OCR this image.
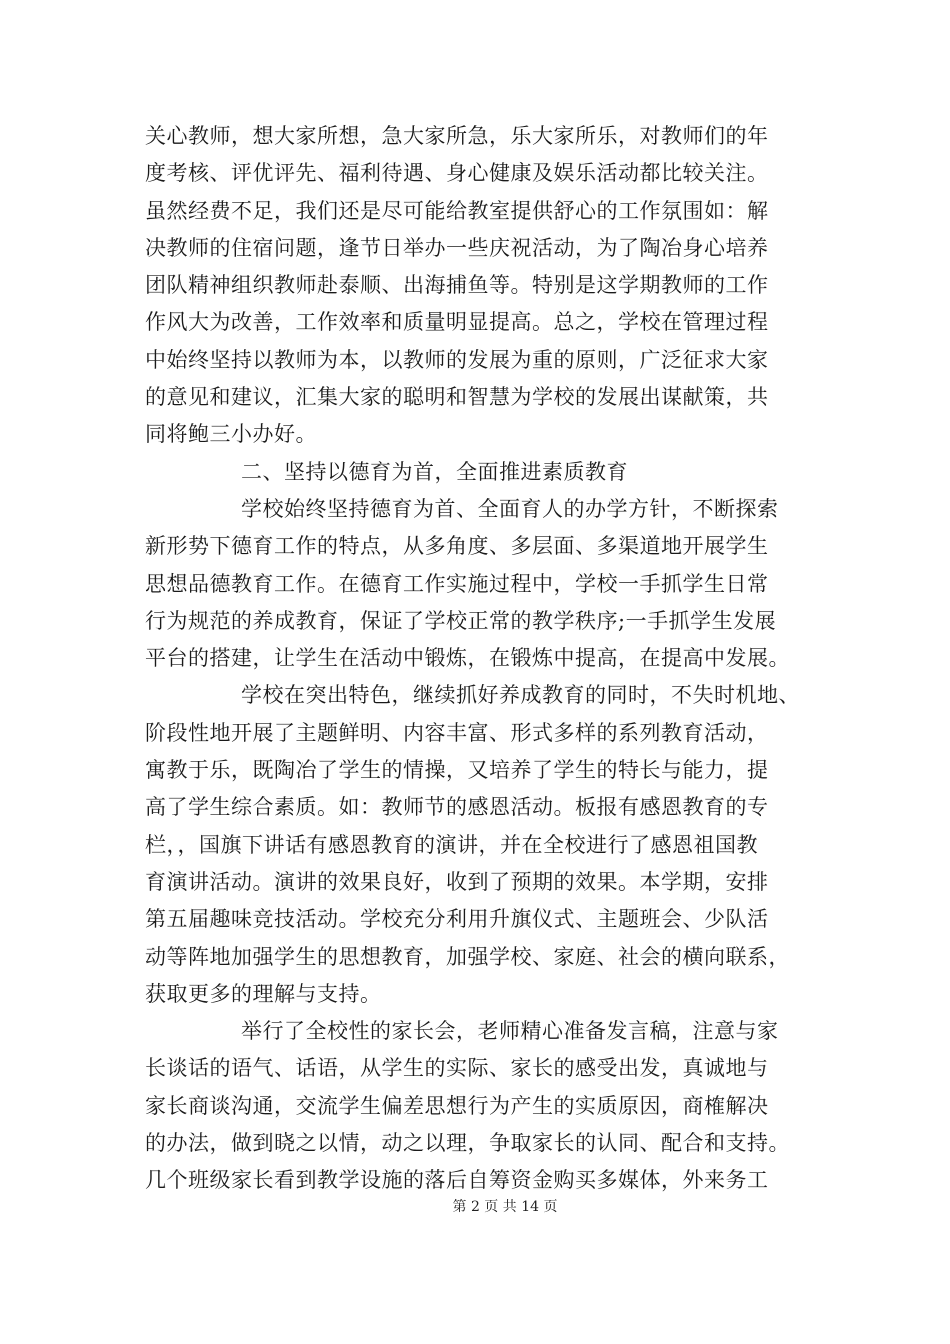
关心教师，想大家所想，急大家所急，乐大家所乐，对教师们的年
度考核、评优评先、福利待遇、身心健康及娱乐活动都比较关注。
虽然经费不足，我们还是尽可能给教室提供舒心的工作氛围如：解
决教师的住宿问题，逢节日举办一些庆祝活动，为了陶冶身心培养
团队精神组织教师赴泰顺、出海捕鱼等。特别是这学期教师的工作
作风大为改善，工作效率和质量明显提高。总之，学校在管理过程
中始终坚持以教师为本，以教师的发展为重的原则，广泛征求大家
的意见和建议，汇集大家的聪明和智慧为学校的发展出谋献策，共
同将鲍三小办好。
二、坚持以德育为首，全面推进素质教育
学校始终坚持德育为首、全面育人的办学方针，不断探索
新形势下德育工作的特点，从多角度、多层面、多渠道地开展学生
思想品德教育工作。在德育工作实施过程中，学校一手抓学生日常
行为规范的养成教育，保证了学校正常的教学秩序;一手抓学生发展
平台的搭建，让学生在活动中锻炼，在锻炼中提高，在提高中发展。
学校在突出特色，继续抓好养成教育的同时，不失时机地、
阶段性地开展了主题鲜明、内容丰富、形式多样的系列教育活动，
寓教于乐，既陶冶了学生的情操，又培养了学生的特长与能力，提
高了学生综合素质。如：教师节的感恩活动。板报有感恩教育的专
栏，，国旗下讲话有感恩教育的演讲，并在全校进行了感恩祖国教
育演讲活动。演讲的效果良好，收到了预期的效果。本学期，安排
第五届趣味竞技活动。学校充分利用升旗仪式、主题班会、少队活
动等阵地加强学生的思想教育，加强学校、家庭、社会的横向联系，
获取更多的理解与支持。
举行了全校性的家长会，老师精心准备发言稿，注意与家
长谈话的语气、话语，从学生的实际、家长的感受出发，真诚地与
家长商谈沟通，交流学生偏差思想行为产生的实质原因，商榷解决
的办法，做到晓之以情，动之以理，争取家长的认同、配合和支持。
几个班级家长看到教学设施的落后自筹资金购买多媒体，外来务工
第 2 页 共 14 页
